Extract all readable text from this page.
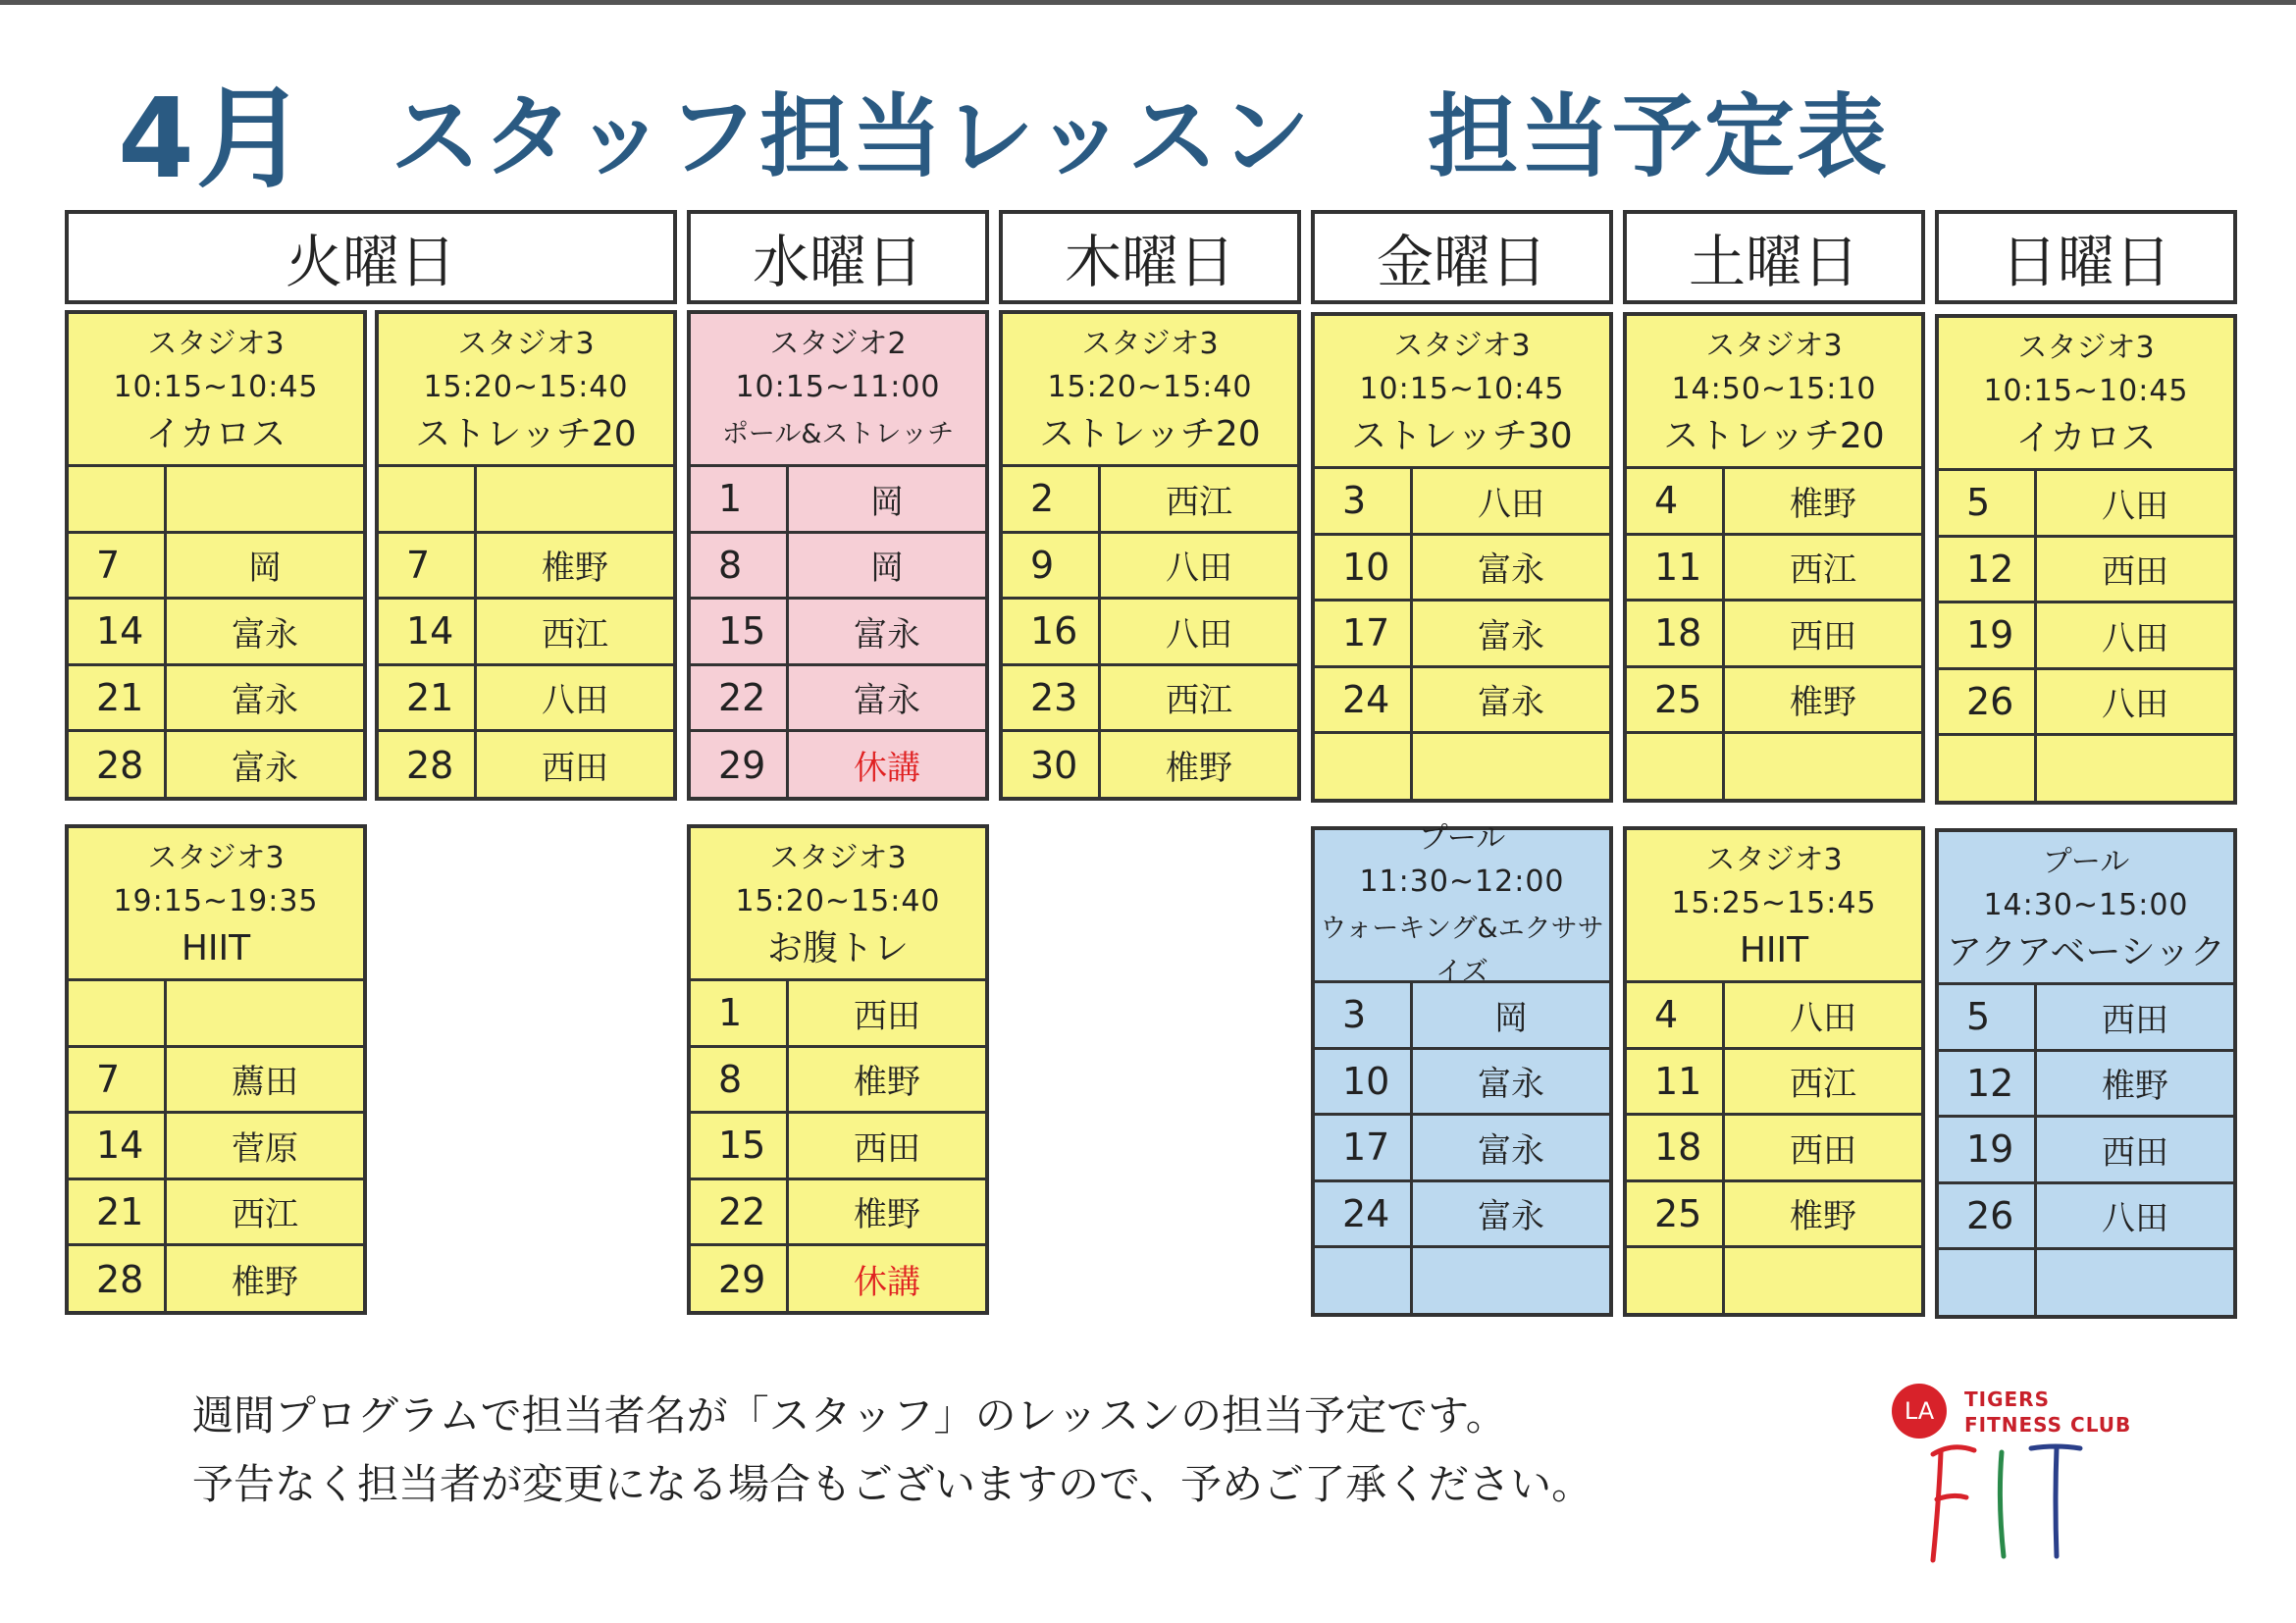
4月 スタッフ担当レッスン 担当予定表
火曜日	水曜日	木曜日	金曜日	土曜日	日曜日
スタジオ3
10:15~10:45
イカロス
7	岡
14	富永
21	富永
28	富永
スタジオ3
15:20~15:40
ストレッチ20
7	椎野
14	西江
21	八田
28	西田
スタジオ2
10:15~11:00
ポール&ストレッチ
1	岡
8	岡
15	富永
22	富永
29	休講
スタジオ3
15:20~15:40
ストレッチ20
2	西江
9	八田
16	八田
23	西江
30	椎野
スタジオ3
10:15~10:45
ストレッチ30
3	八田
10	富永
17	富永
24	富永
スタジオ3
14:50~15:10
ストレッチ20
4	椎野
11	西江
18	西田
25	椎野
スタジオ3
10:15~10:45
イカロス
5	八田
12	西田
19	八田
26	八田
スタジオ3
19:15~19:35
HIIT
7	薦田
14	菅原
21	西江
28	椎野
スタジオ3
15:20~15:40
お腹トレ
1	西田
8	椎野
15	西田
22	椎野
29	休講
プール
11:30~12:00
ウォーキング&エクササイズ
3	岡
10	富永
17	富永
24	富永
スタジオ3
15:25~15:45
HIIT
4	八田
11	西江
18	西田
25	椎野
プール
14:30~15:00
アクアベーシック
5	西田
12	椎野
19	西田
26	八田
週間プログラムで担当者名が「スタッフ」のレッスンの担当予定です。
予告なく担当者が変更になる場合もございますので、予めご了承ください。
LA	TIGERS
FITNESS CLUB
